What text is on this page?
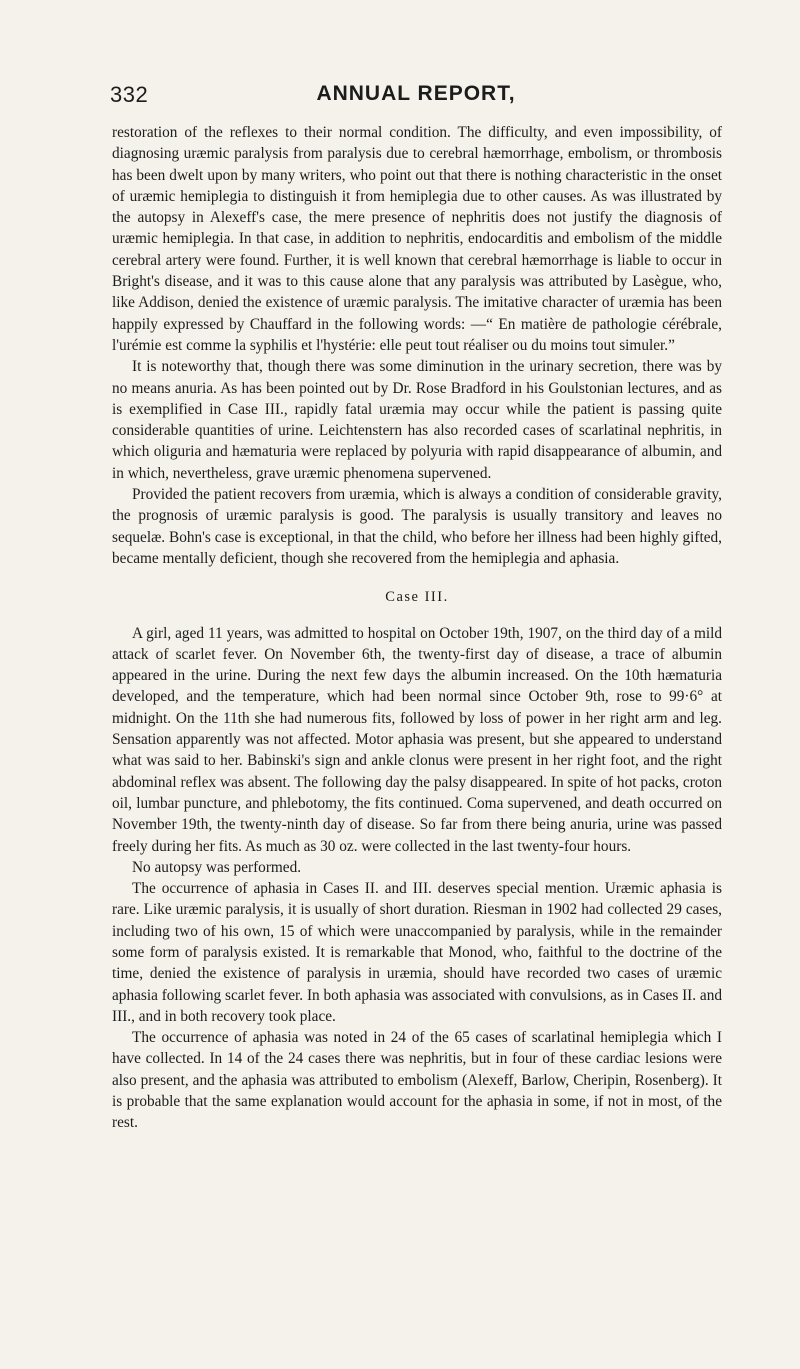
332	ANNUAL REPORT,

restoration of the reflexes to their normal condition. The difficulty, and even impossibility, of diagnosing uræmic paralysis from paralysis due to cerebral hæmorrhage, embolism, or thrombosis has been dwelt upon by many writers, who point out that there is nothing characteristic in the onset of uræmic hemiplegia to distinguish it from hemiplegia due to other causes. As was illustrated by the autopsy in Alexeff's case, the mere presence of nephritis does not justify the diagnosis of uræmic hemiplegia. In that case, in addition to nephritis, endocarditis and embolism of the middle cerebral artery were found. Further, it is well known that cerebral hæmorrhage is liable to occur in Bright's disease, and it was to this cause alone that any paralysis was attributed by Lasègue, who, like Addison, denied the existence of uræmic paralysis. The imitative character of uræmia has been happily expressed by Chauffard in the following words: —“ En matière de pathologie cérébrale, l'urémie est comme la syphilis et l'hystérie: elle peut tout réaliser ou du moins tout simuler.”

It is noteworthy that, though there was some diminution in the urinary secretion, there was by no means anuria. As has been pointed out by Dr. Rose Bradford in his Goulstonian lectures, and as is exemplified in Case III., rapidly fatal uræmia may occur while the patient is passing quite considerable quantities of urine. Leichtenstern has also recorded cases of scarlatinal nephritis, in which oliguria and hæmaturia were replaced by polyuria with rapid disappearance of albumin, and in which, nevertheless, grave uræmic phenomena supervened.

Provided the patient recovers from uræmia, which is always a condition of considerable gravity, the prognosis of uræmic paralysis is good. The paralysis is usually transitory and leaves no sequelæ. Bohn's case is exceptional, in that the child, who before her illness had been highly gifted, became mentally deficient, though she recovered from the hemiplegia and aphasia.

Case III.

A girl, aged 11 years, was admitted to hospital on October 19th, 1907, on the third day of a mild attack of scarlet fever. On November 6th, the twenty-first day of disease, a trace of albumin appeared in the urine. During the next few days the albumin increased. On the 10th hæmaturia developed, and the temperature, which had been normal since October 9th, rose to 99·6° at midnight. On the 11th she had numerous fits, followed by loss of power in her right arm and leg. Sensation apparently was not affected. Motor aphasia was present, but she appeared to understand what was said to her. Babinski's sign and ankle clonus were present in her right foot, and the right abdominal reflex was absent. The following day the palsy disappeared. In spite of hot packs, croton oil, lumbar puncture, and phlebotomy, the fits continued. Coma supervened, and death occurred on November 19th, the twenty-ninth day of disease. So far from there being anuria, urine was passed freely during her fits. As much as 30 oz. were collected in the last twenty-four hours.

No autopsy was performed.

The occurrence of aphasia in Cases II. and III. deserves special mention. Uræmic aphasia is rare. Like uræmic paralysis, it is usually of short duration. Riesman in 1902 had collected 29 cases, including two of his own, 15 of which were unaccompanied by paralysis, while in the remainder some form of paralysis existed. It is remarkable that Monod, who, faithful to the doctrine of the time, denied the existence of paralysis in uræmia, should have recorded two cases of uræmic aphasia following scarlet fever. In both aphasia was associated with convulsions, as in Cases II. and III., and in both recovery took place.

The occurrence of aphasia was noted in 24 of the 65 cases of scarlatinal hemiplegia which I have collected. In 14 of the 24 cases there was nephritis, but in four of these cardiac lesions were also present, and the aphasia was attributed to embolism (Alexeff, Barlow, Cheripin, Rosenberg). It is probable that the same explanation would account for the aphasia in some, if not in most, of the rest.
